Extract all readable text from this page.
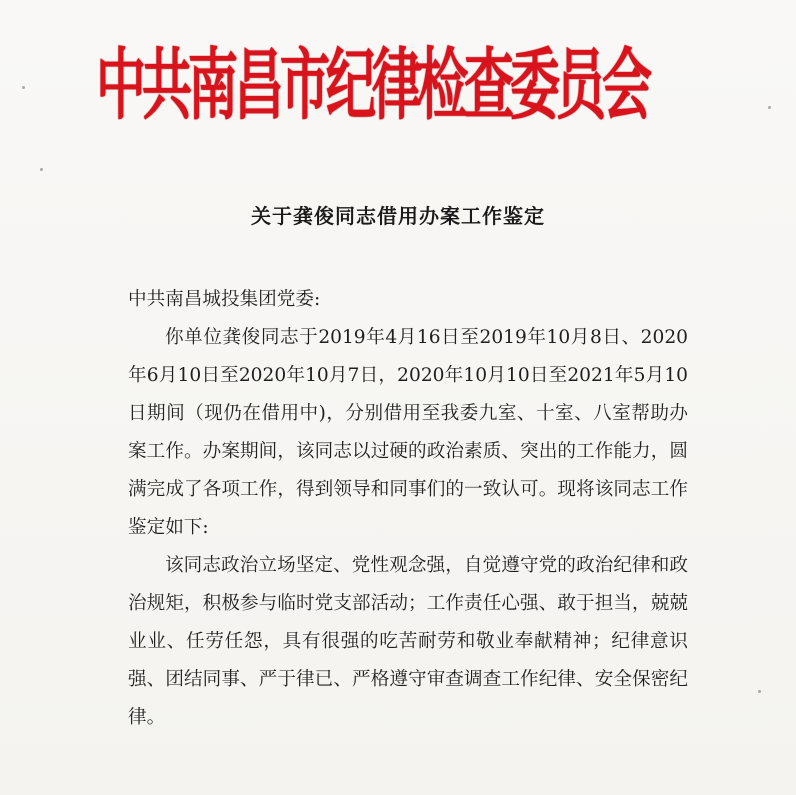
中共南昌市纪律检查委员会
关于龚俊同志借用办案工作鉴定

中共南昌城投集团党委:

你单位龚俊同志于2019年4月16日至2019年10月8日、2020年6月10日至2020年10月7日，2020年10月10日至2021年5月10日期间（现仍在借用中)，分别借用至我委九室、十室、八室帮助办案工作。办案期间，该同志以过硬的政治素质、突出的工作能力，圆满完成了各项工作，得到领导和同事们的一致认可。现将该同志工作鉴定如下:

该同志政治立场坚定、党性观念强，自觉遵守党的政治纪律和政治规矩，积极参与临时党支部活动；工作责任心强、敢于担当，兢兢业业、任劳任怨，具有很强的吃苦耐劳和敬业奉献精神；纪律意识强、团结同事、严于律已、严格遵守审查调查工作纪律、安全保密纪律。
